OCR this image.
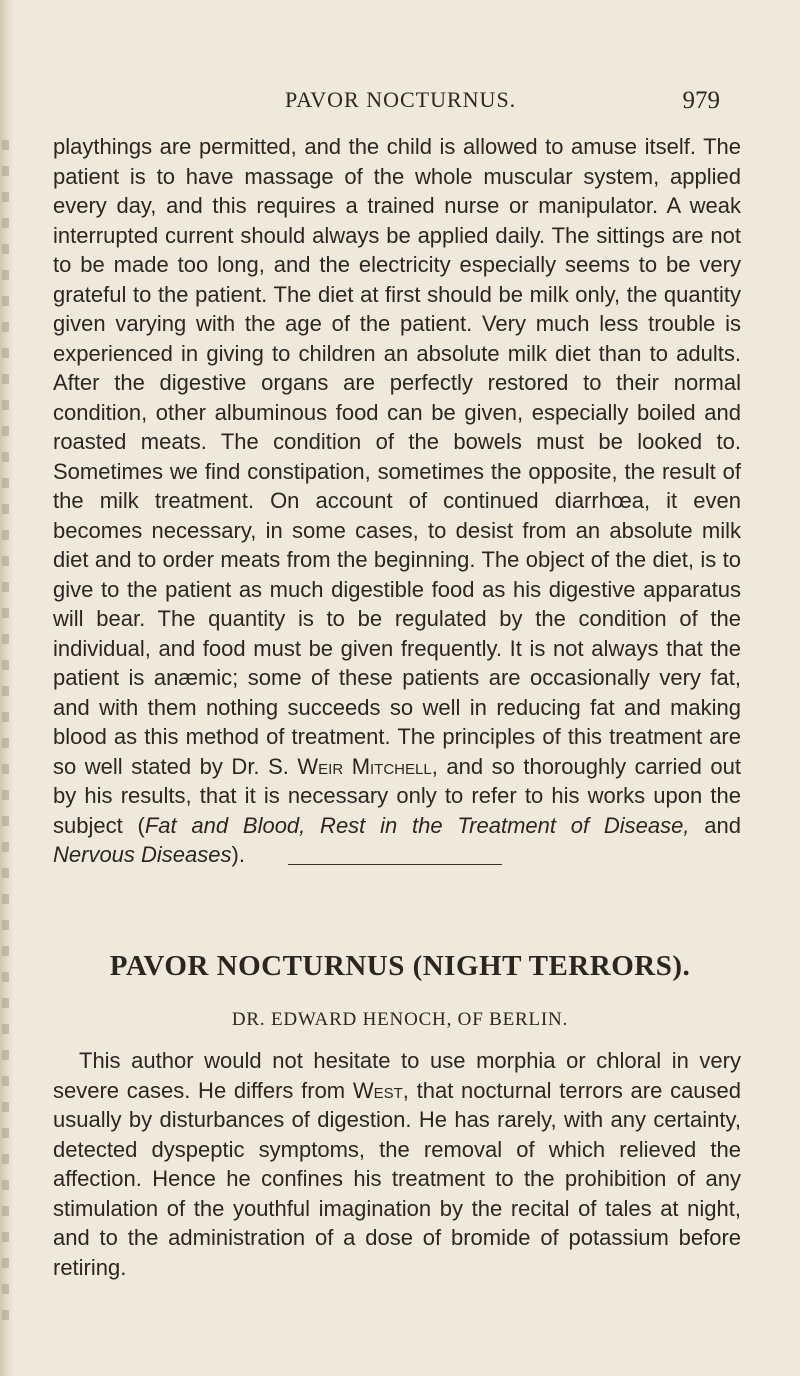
PAVOR NOCTURNUS.	979

playthings are permitted, and the child is allowed to amuse itself. The patient is to have massage of the whole muscular system, applied every day, and this requires a trained nurse or manipulator. A weak interrupted current should always be applied daily. The sittings are not to be made too long, and the electricity especially seems to be very grateful to the patient. The diet at first should be milk only, the quantity given varying with the age of the patient. Very much less trouble is experienced in giving to children an absolute milk diet than to adults. After the digestive organs are perfectly restored to their normal condition, other albuminous food can be given, especially boiled and roasted meats. The condition of the bowels must be looked to. Sometimes we find constipation, sometimes the opposite, the result of the milk treatment. On account of continued diarrhœa, it even becomes necessary, in some cases, to desist from an absolute milk diet and to order meats from the beginning. The object of the diet, is to give to the patient as much digestible food as his digestive apparatus will bear. The quantity is to be regulated by the condition of the individual, and food must be given frequently. It is not always that the patient is anæmic; some of these patients are occasionally very fat, and with them nothing succeeds so well in reducing fat and making blood as this method of treatment. The principles of this treatment are so well stated by Dr. S. Weir Mitchell, and so thoroughly carried out by his results, that it is necessary only to refer to his works upon the subject (Fat and Blood, Rest in the Treatment of Disease, and Nervous Diseases).

PAVOR NOCTURNUS (NIGHT TERRORS).

DR. EDWARD HENOCH, OF BERLIN.

This author would not hesitate to use morphia or chloral in very severe cases. He differs from West, that nocturnal terrors are caused usually by disturbances of digestion. He has rarely, with any certainty, detected dyspeptic symptoms, the removal of which relieved the affection. Hence he confines his treatment to the prohibition of any stimulation of the youthful imagination by the recital of tales at night, and to the administration of a dose of bromide of potassium before retiring.
